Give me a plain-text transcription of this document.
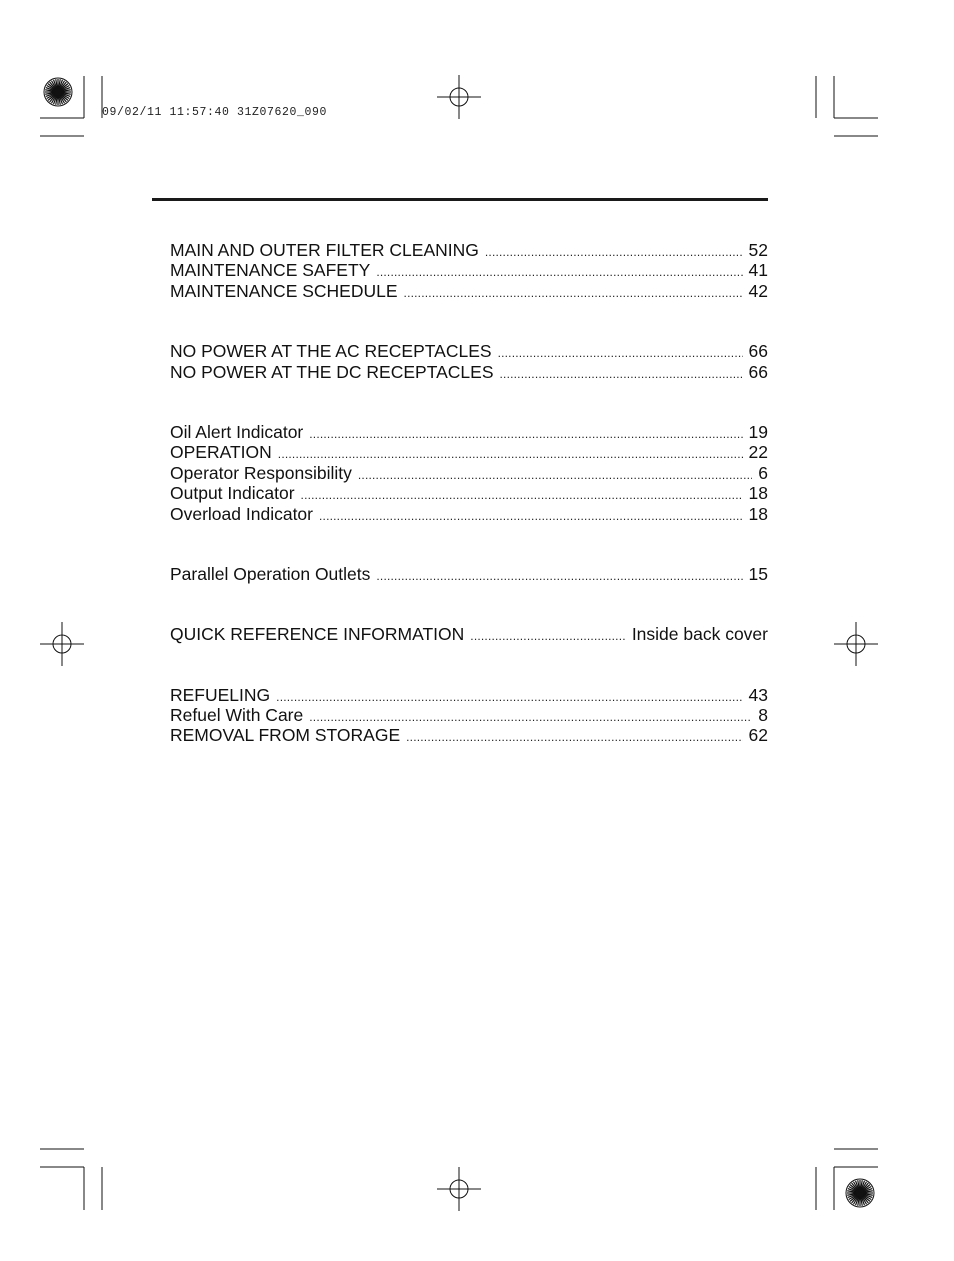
09/02/11 11:57:40 31Z07620_090
MAIN AND OUTER FILTER CLEANING .....	52
MAINTENANCE SAFETY .....	41
MAINTENANCE SCHEDULE .....	42
NO POWER AT THE AC RECEPTACLES .....	66
NO POWER AT THE DC RECEPTACLES .....	66
Oil Alert Indicator .....	19
OPERATION .....	22
Operator Responsibility .....	6
Output Indicator .....	18
Overload Indicator .....	18
Parallel Operation Outlets .....	15
QUICK REFERENCE INFORMATION .....	Inside back cover
REFUELING .....	43
Refuel With Care .....	8
REMOVAL FROM STORAGE .....	62
